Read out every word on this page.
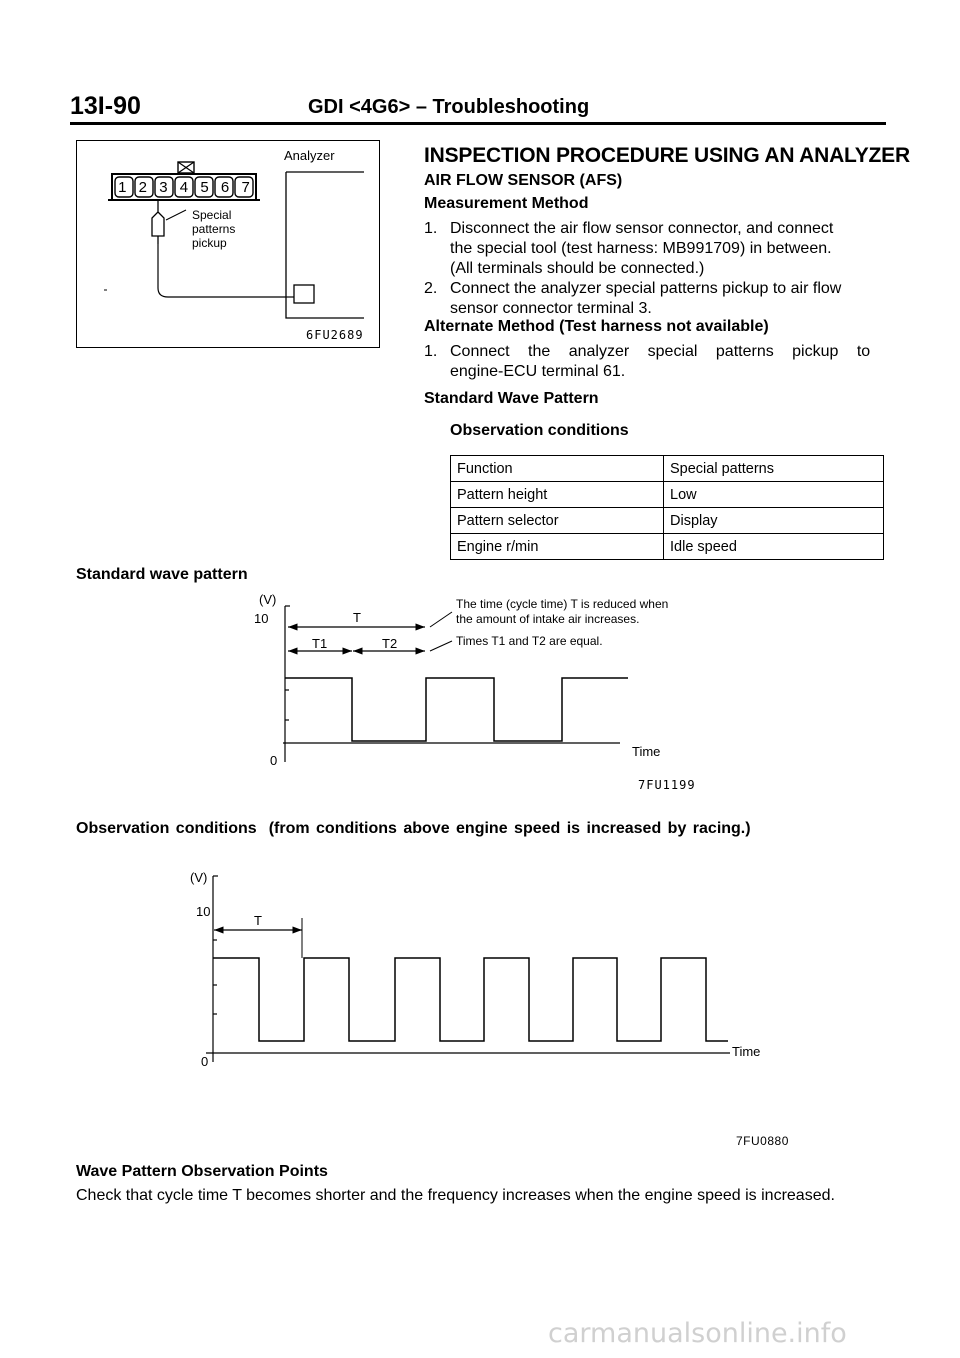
13I-90	GDI <4G6> – Troubleshooting
Analyzer
1 2 3 4 5 6 7
Special
patterns
pickup
6FU2689
INSPECTION PROCEDURE USING AN ANALYZER
AIR FLOW SENSOR (AFS)
Measurement Method
1. Disconnect the air flow sensor connector, and connect
the special tool (test harness: MB991709) in between.
(All terminals should be connected.)
2. Connect the analyzer special patterns pickup to air flow
sensor connector terminal 3.
Alternate Method (Test harness not available)
1. Connect the analyzer special patterns pickup to
engine-ECU terminal 61.
Standard Wave Pattern
Observation conditions
Function	Special patterns
Pattern height	Low
Pattern selector	Display
Engine r/min	Idle speed
Standard wave pattern
(V)
10
0
T
T1	T2
The time (cycle time) T is reduced when
the amount of intake air increases.
Times T1 and T2 are equal.
Time
7FU1199
Observation conditions (from conditions above engine speed is increased by racing.)
(V)
10
0
T
Time
7FU0880
Wave Pattern Observation Points
Check that cycle time T becomes shorter and the frequency increases when the engine speed is increased.
carmanualsonline.info
